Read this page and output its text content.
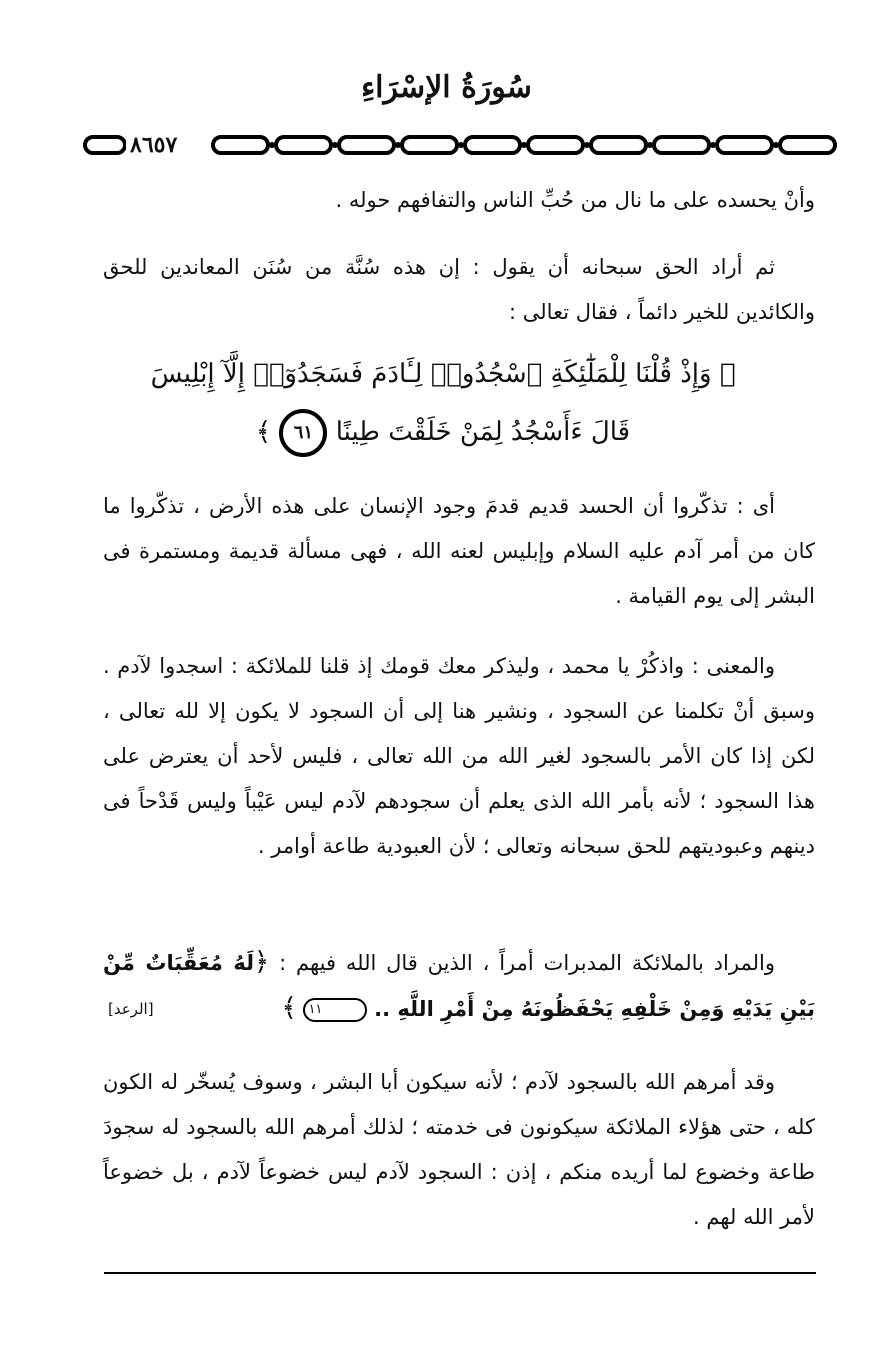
سُورَةُ الإسْرَاءِ
٨٦٥٧

وأنْ يحسده على ما نال من حُبِّ الناس والتفافهم حوله .

ثم أراد الحق سبحانه أن يقول : إن هذه سُنَّة من سُنَن المعاندين للحق والكائدين للخير دائماً ، فقال تعالى :

﴿ وَإِذْ قُلْنَا لِلْمَلَٰٓئِكَةِ ٱسْجُدُوا۟ لِـَٔادَمَ فَسَجَدُوٓا۟ إِلَّآ إِبْلِيسَ
قَالَ ءَأَسْجُدُ لِمَنْ خَلَقْتَ طِينًا ٦١ ﴾

أى : تذكّروا أن الحسد قديم قدمَ وجود الإنسان على هذه الأرض ، تذكّروا ما كان من أمر آدم عليه السلام وإبليس لعنه الله ، فهى مسألة قديمة ومستمرة فى البشر إلى يوم القيامة .

والمعنى : واذكُرْ يا محمد ، وليذكر معك قومك إذ قلنا للملائكة : اسجدوا لآدم . وسبق أنْ تكلمنا عن السجود ، ونشير هنا إلى أن السجود لا يكون إلا لله تعالى ، لكن إذا كان الأمر بالسجود لغير الله من الله تعالى ، فليس لأحد أن يعترض على هذا السجود ؛ لأنه بأمر الله الذى يعلم أن سجودهم لآدم ليس عَيْباً وليس قَدْحاً فى دينهم وعبوديتهم للحق سبحانه وتعالى ؛ لأن العبودية طاعة أوامر .

والمراد بالملائكة المدبرات أمراً ، الذين قال الله فيهم : ﴿لَهُ مُعَقِّبَاتٌ مِّنْ بَيْنِ يَدَيْهِ وَمِنْ خَلْفِهِ يَحْفَظُونَهُ مِنْ أَمْرِ اللَّهِ .. ١١ ﴾

[الرعد]

وقد أمرهم الله بالسجود لآدم ؛ لأنه سيكون أبا البشر ، وسوف يُسخّر له الكون كله ، حتى هؤلاء الملائكة سيكونون فى خدمته ؛ لذلك أمرهم الله بالسجود له سجودَ طاعة وخضوع لما أريده منكم ، إذن : السجود لآدم ليس خضوعاً لآدم ، بل خضوعاً لأمر الله لهم .
